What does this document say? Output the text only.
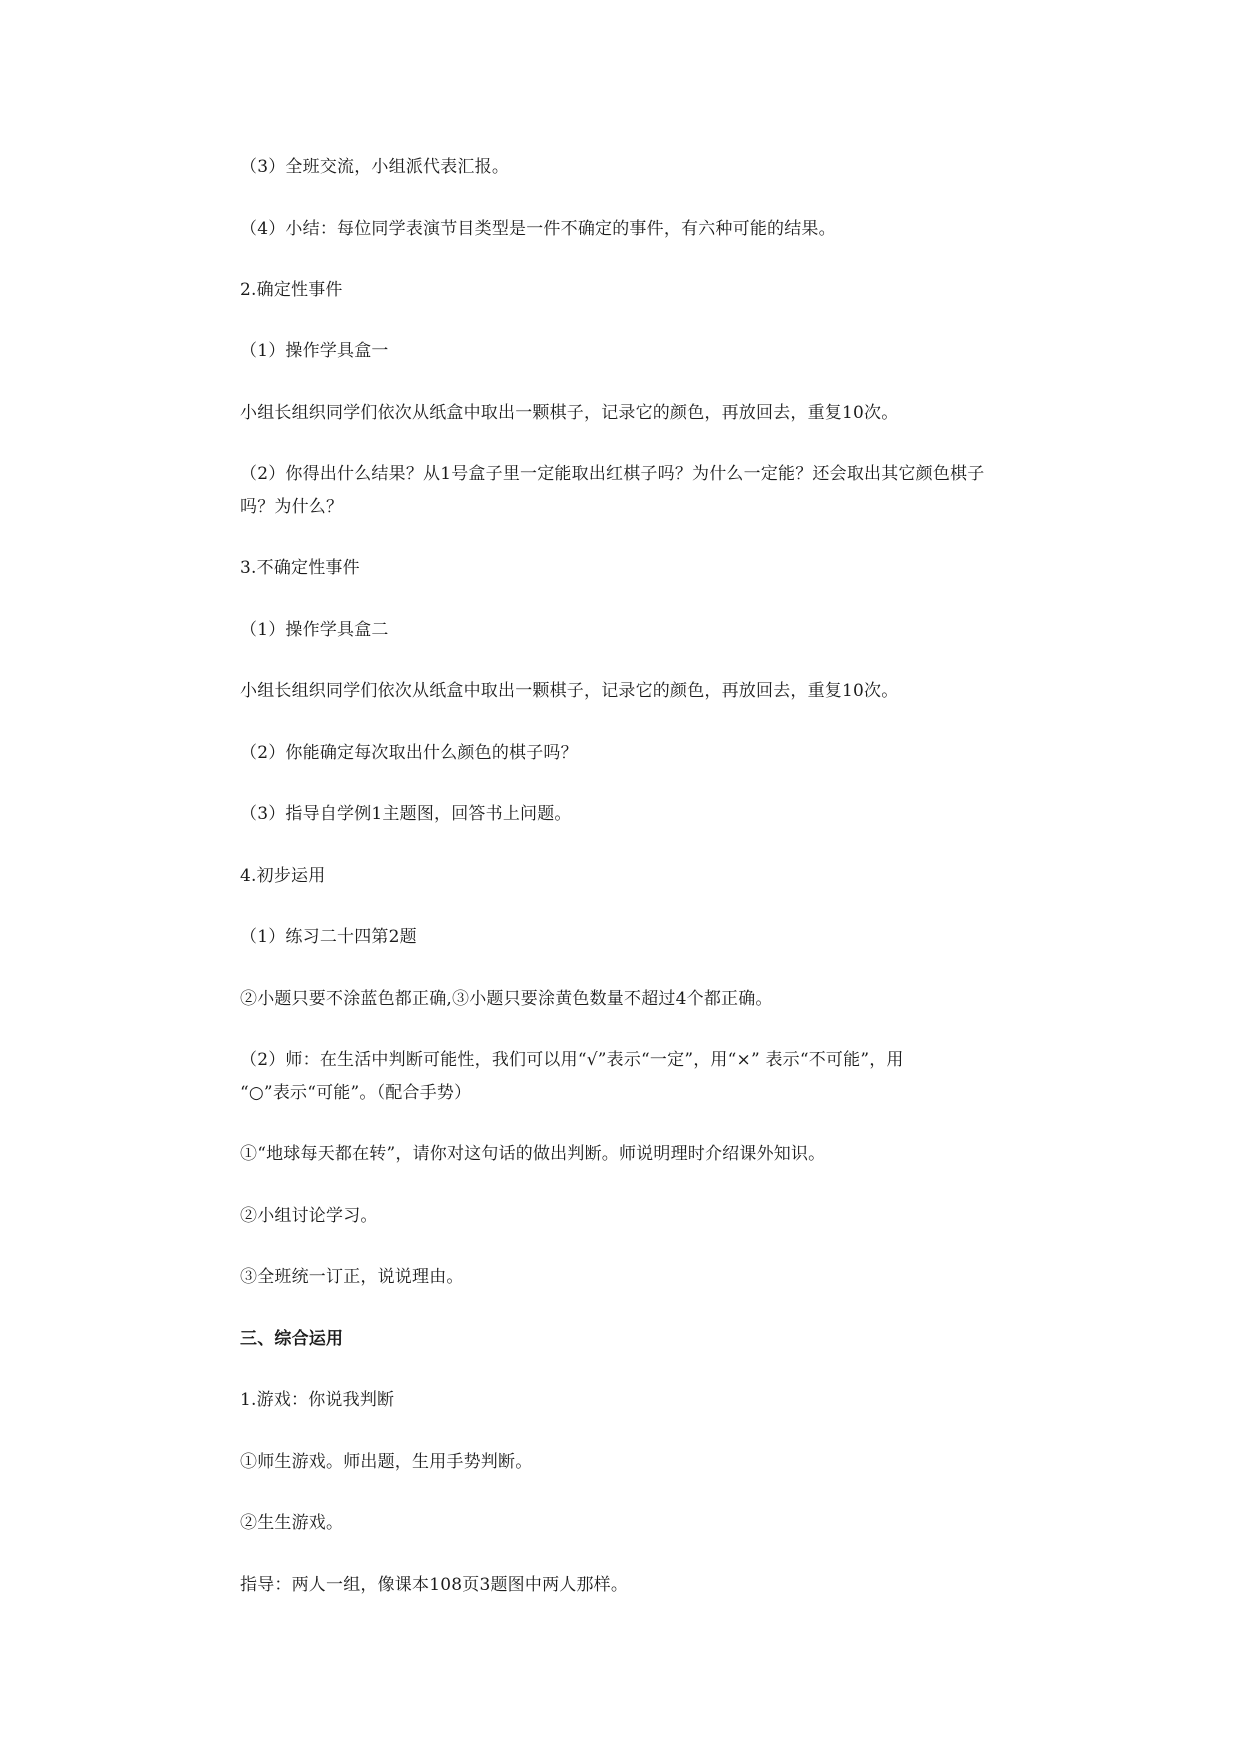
（3）全班交流，小组派代表汇报。
（4）小结：每位同学表演节目类型是一件不确定的事件，有六种可能的结果。
2.确定性事件
（1）操作学具盒一
小组长组织同学们依次从纸盒中取出一颗棋子，记录它的颜色，再放回去，重复10次。
（2）你得出什么结果？从1号盒子里一定能取出红棋子吗？为什么一定能？还会取出其它颜色棋子
吗？为什么？
3.不确定性事件
（1）操作学具盒二
小组长组织同学们依次从纸盒中取出一颗棋子，记录它的颜色，再放回去，重复10次。
（2）你能确定每次取出什么颜色的棋子吗？
（3）指导自学例1主题图，回答书上问题。
4.初步运用
（1）练习二十四第2题
②小题只要不涂蓝色都正确,③小题只要涂黄色数量不超过4个都正确。
（2）师：在生活中判断可能性，我们可以用“√”表示“一定”，用“×” 表示“不可能”，用
“○”表示“可能”。（配合手势）
①“地球每天都在转”，请你对这句话的做出判断。师说明理时介绍课外知识。
②小组讨论学习。
③全班统一订正，说说理由。
三、综合运用
1.游戏：你说我判断
①师生游戏。师出题，生用手势判断。
②生生游戏。
指导：两人一组，像课本108页3题图中两人那样。
